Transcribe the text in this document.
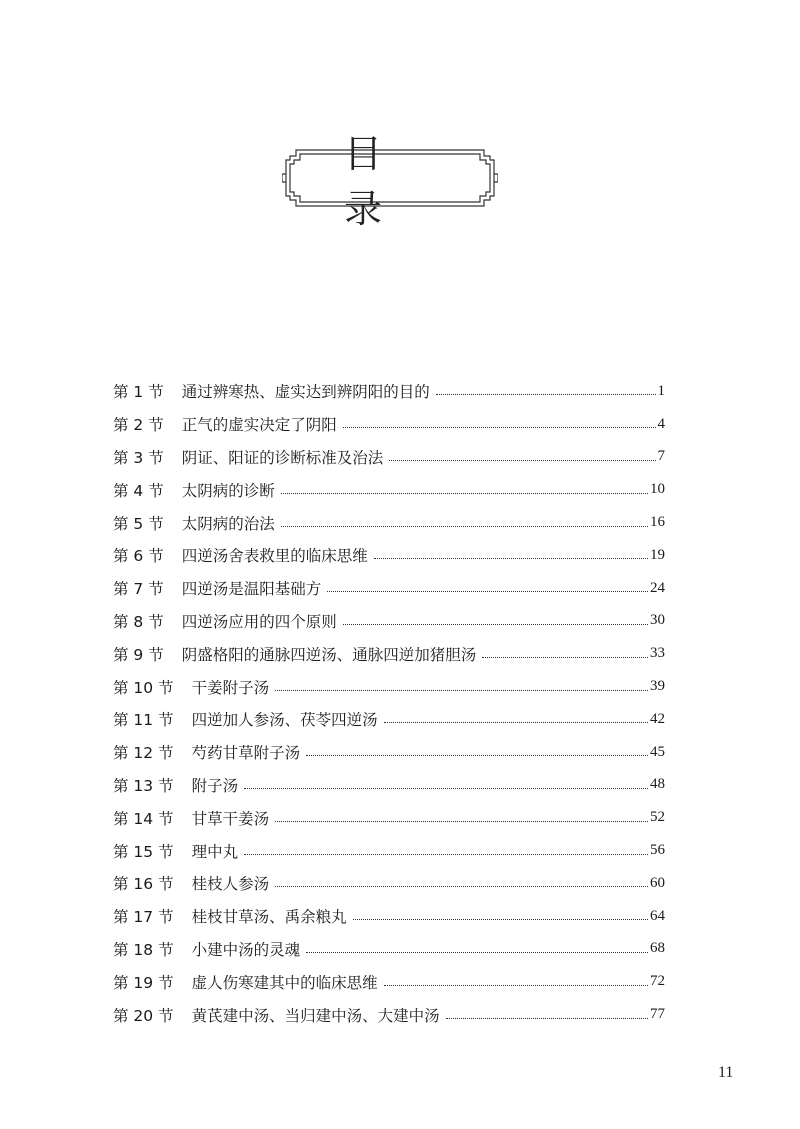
目录
第 1 节	通过辨寒热、虚实达到辨阴阳的目的	1
第 2 节	正气的虚实决定了阴阳	4
第 3 节	阴证、阳证的诊断标准及治法	7
第 4 节	太阴病的诊断	10
第 5 节	太阴病的治法	16
第 6 节	四逆汤舍表救里的临床思维	19
第 7 节	四逆汤是温阳基础方	24
第 8 节	四逆汤应用的四个原则	30
第 9 节	阴盛格阳的通脉四逆汤、通脉四逆加猪胆汤	33
第 10 节	干姜附子汤	39
第 11 节	四逆加人参汤、茯苓四逆汤	42
第 12 节	芍药甘草附子汤	45
第 13 节	附子汤	48
第 14 节	甘草干姜汤	52
第 15 节	理中丸	56
第 16 节	桂枝人参汤	60
第 17 节	桂枝甘草汤、禹余粮丸	64
第 18 节	小建中汤的灵魂	68
第 19 节	虚人伤寒建其中的临床思维	72
第 20 节	黄芪建中汤、当归建中汤、大建中汤	77
11
